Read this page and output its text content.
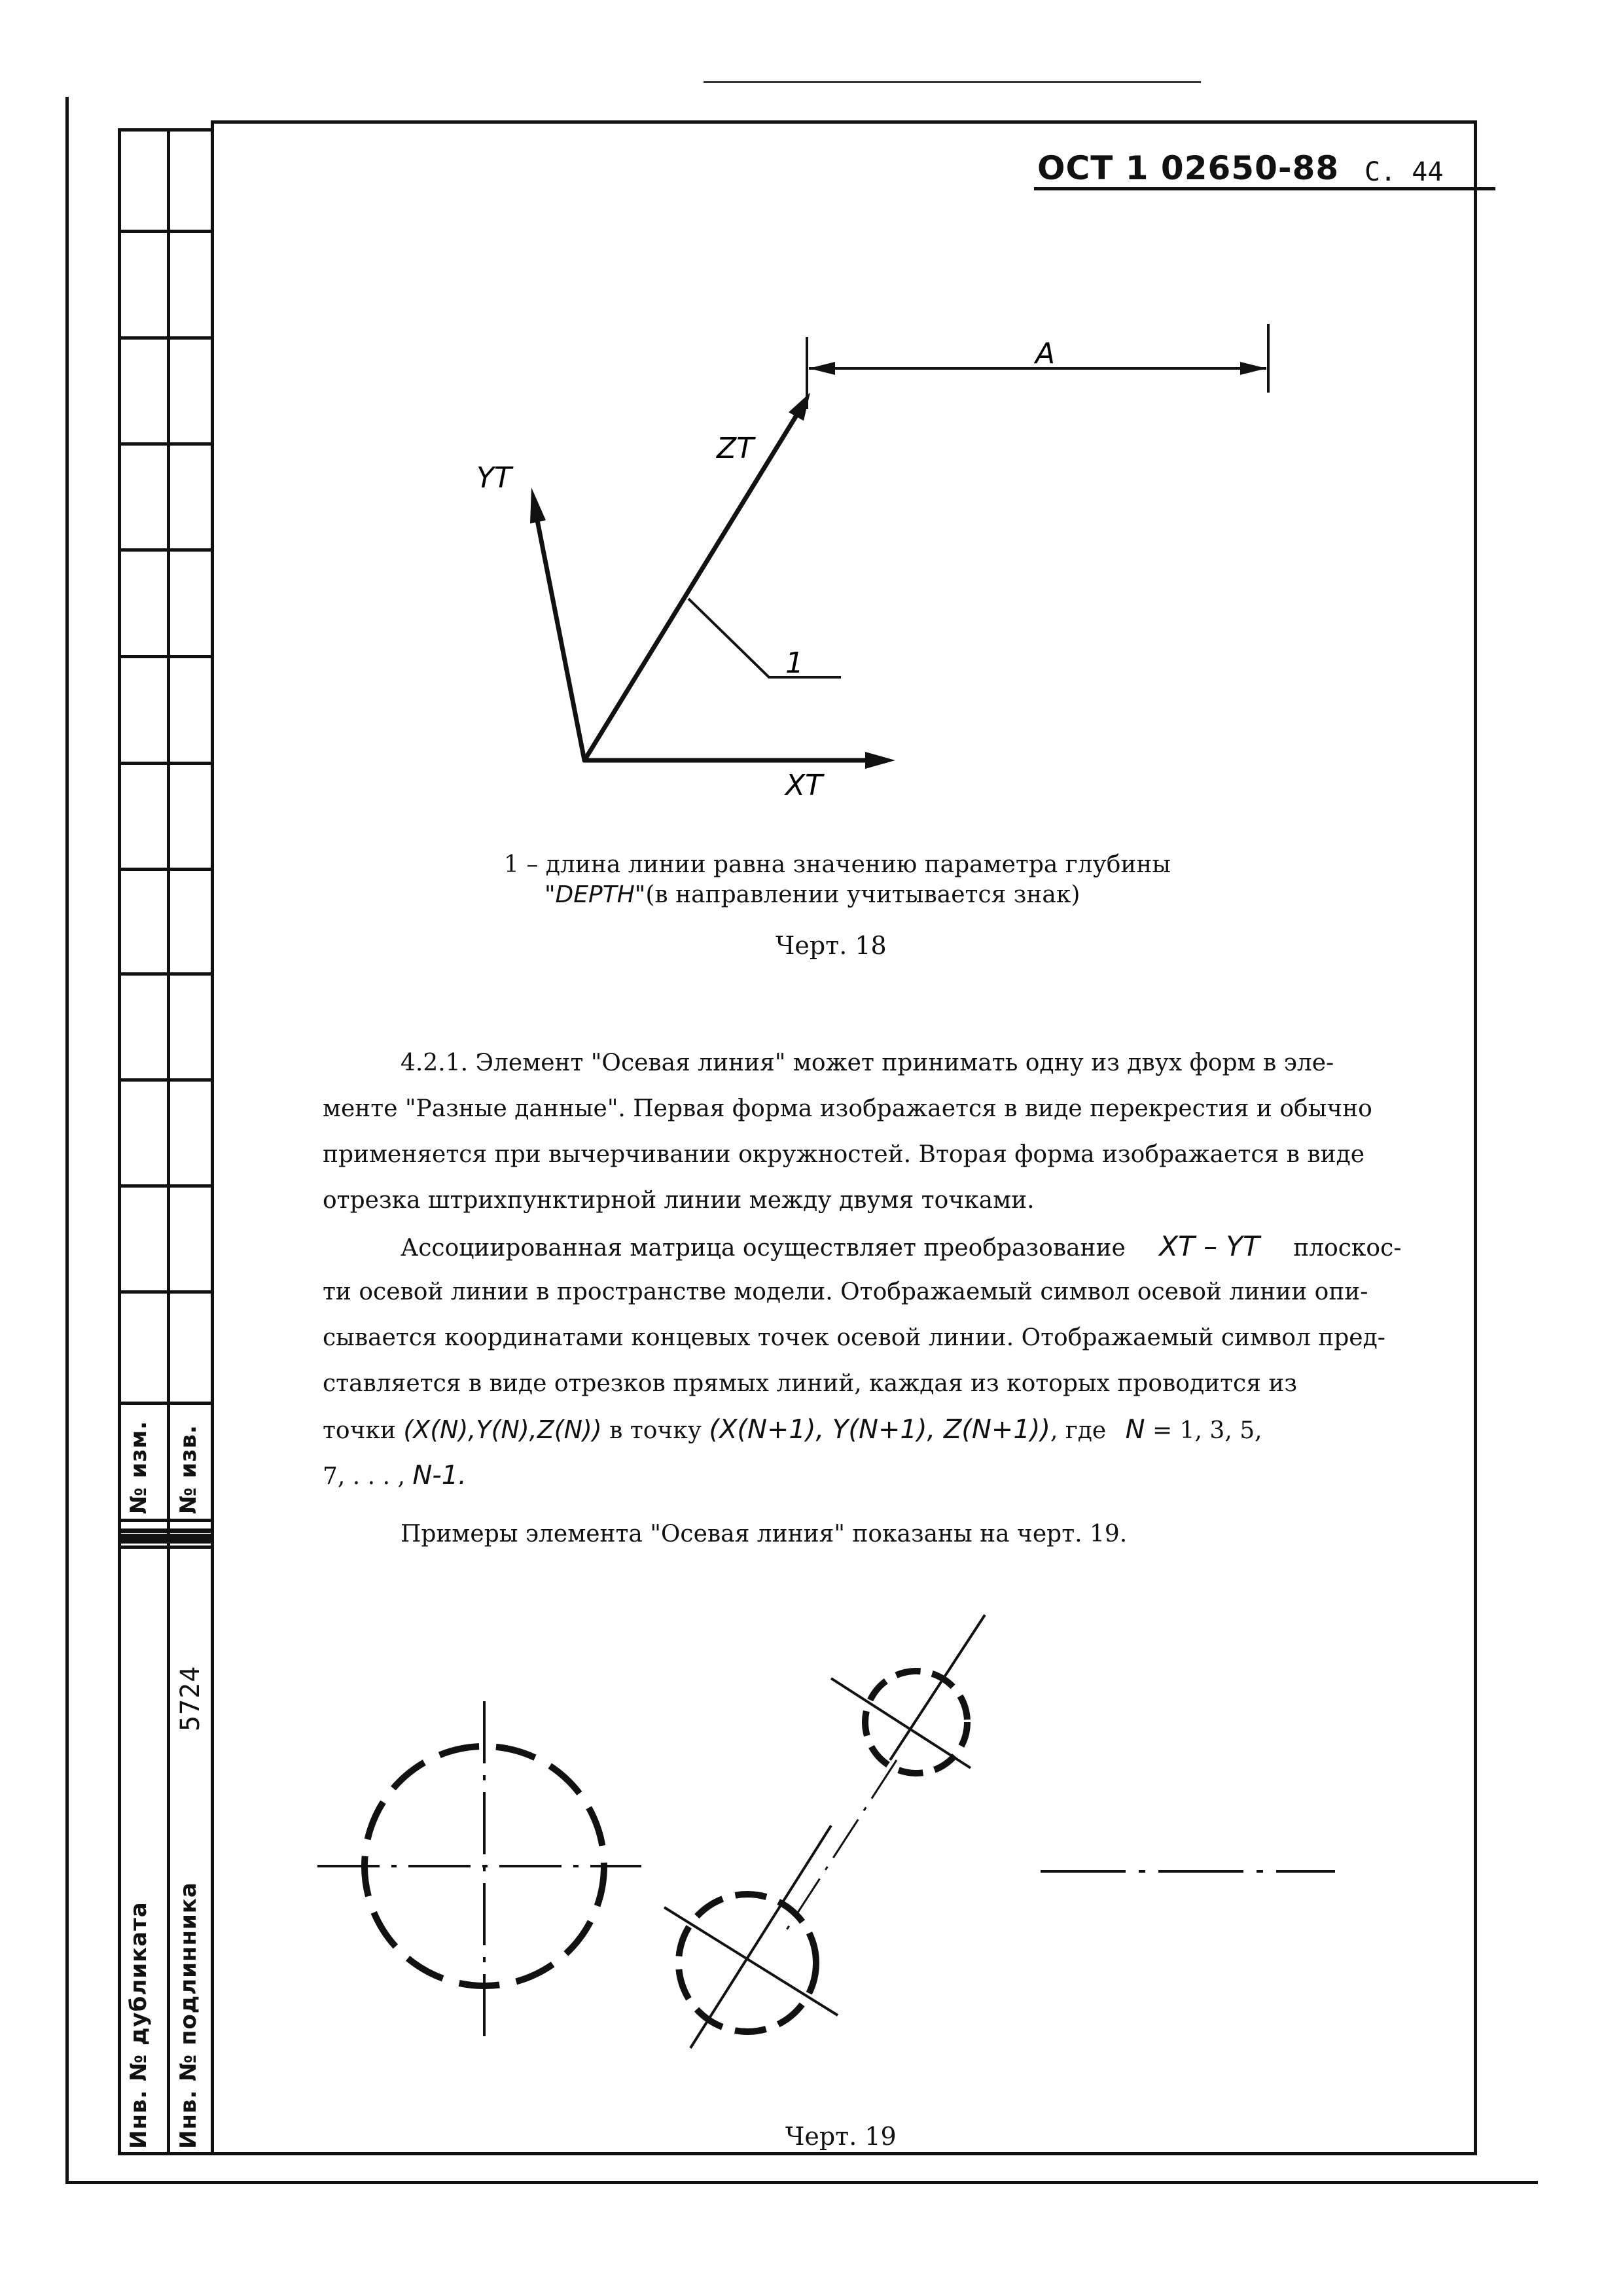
№ изм. № изв.
5724
Инв. № дубликата Инв. № подлинника
ОСТ 1 02650-88 С. 44
YT
ZT
XT
A
1
1 – длина линии равна значению параметра глубины
"DEPTH"(в направлении учитывается знак)
Черт. 18
4.2.1. Элемент "Осевая линия" может принимать одну из двух форм в эле-
менте "Разные данные". Первая форма изображается в виде перекрестия и обычно
применяется при вычерчивании окружностей. Вторая форма изображается в виде
отрезка штрихпунктирной линии между двумя точками.
Ассоциированная матрица осуществляет преобразование XT – YT плоскос-
ти осевой линии в пространстве модели. Отображаемый символ осевой линии опи-
сывается координатами концевых точек осевой линии. Отображаемый символ пред-
ставляется в виде отрезков прямых линий, каждая из которых проводится из
точки (X(N),Y(N),Z(N)) в точку (X(N+1), Y(N+1), Z(N+1)), где N = 1, 3, 5,
7, . . . , N-1.
Примеры элемента "Осевая линия" показаны на черт. 19.
Черт. 19
